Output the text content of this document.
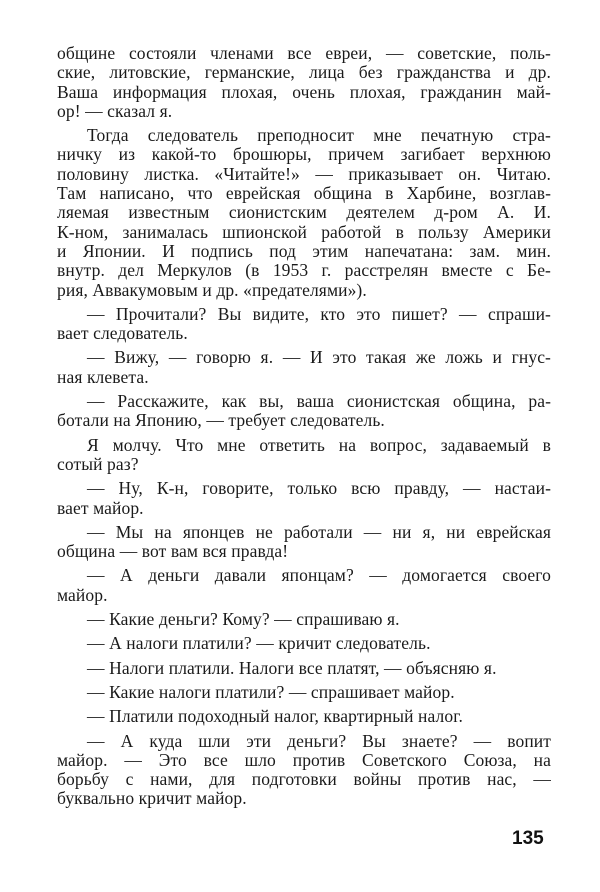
общине состояли членами все евреи, — советские, поль-
ские, литовские, германские, лица без гражданства и др.
Ваша информация плохая, очень плохая, гражданин май-
ор! — сказал я.
Тогда следователь преподносит мне печатную стра-
ничку из какой-то брошюры, причем загибает верхнюю
половину листка. «Читайте!» — приказывает он. Читаю.
Там написано, что еврейская община в Харбине, возглав-
ляемая известным сионистским деятелем д-ром А. И.
К-ном, занималась шпионской работой в пользу Америки
и Японии. И подпись под этим напечатана: зам. мин.
внутр. дел Меркулов (в 1953 г. расстрелян вместе с Бе-
рия, Аввакумовым и др. «предателями»).
— Прочитали? Вы видите, кто это пишет? — спраши-
вает следователь.
— Вижу, — говорю я. — И это такая же ложь и гнус-
ная клевета.
— Расскажите, как вы, ваша сионистская община, ра-
ботали на Японию, — требует следователь.
Я молчу. Что мне ответить на вопрос, задаваемый в
сотый раз?
— Ну, К-н, говорите, только всю правду, — настаи-
вает майор.
— Мы на японцев не работали — ни я, ни еврейская
община — вот вам вся правда!
— А деньги давали японцам? — домогается своего
майор.
— Какие деньги? Кому? — спрашиваю я.
— А налоги платили? — кричит следователь.
— Налоги платили. Налоги все платят, — объясняю я.
— Какие налоги платили? — спрашивает майор.
— Платили подоходный налог, квартирный налог.
— А куда шли эти деньги? Вы знаете? — вопит
майор. — Это все шло против Советского Союза, на
борьбу с нами, для подготовки войны против нас, —
буквально кричит майор.
135
